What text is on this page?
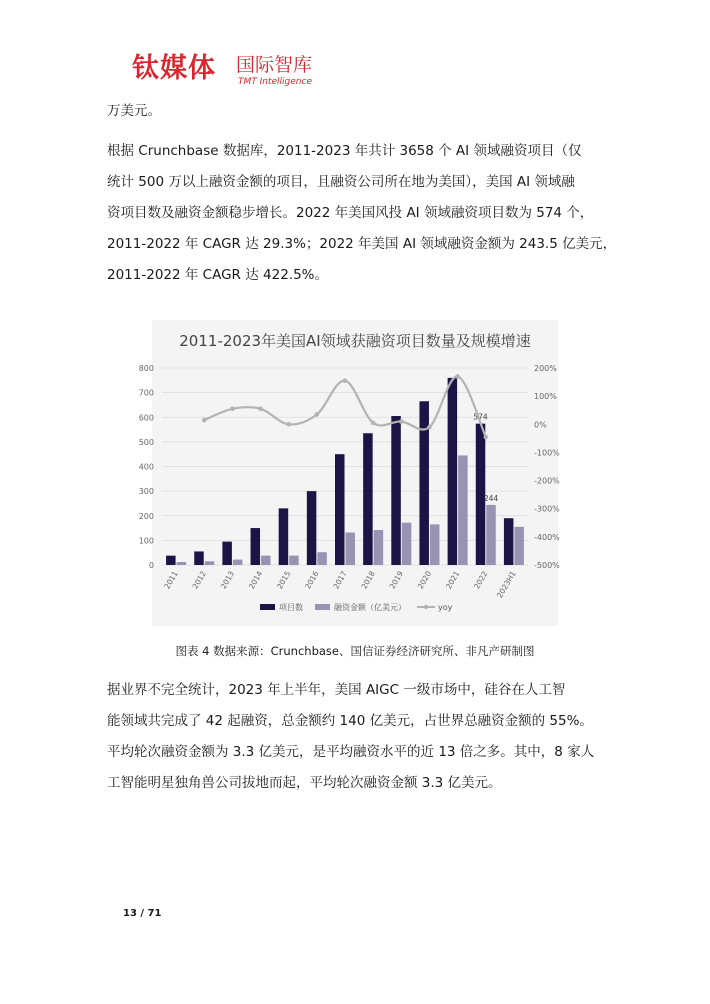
钛媒体 国际智库
TMT Intelligence
万美元。
根据 Crunchbase 数据库，2011-2023 年共计 3658 个 AI 领域融资项目（仅
统计 500 万以上融资金额的项目，且融资公司所在地为美国），美国 AI 领域融
资项目数及融资金额稳步增长。2022 年美国风投 AI 领域融资项目数为 574 个，
2011-2022 年 CAGR 达 29.3%；2022 年美国 AI 领域融资金额为 243.5 亿美元，
2011-2022 年 CAGR 达 422.5%。
2011-2023年美国AI领域获融资项目数量及规模增速
574
244
0
100
200
300
400
500
600
700
800	200%
100%
0%
-100%
-200%
-300%
-400%
-500%
2011 2012 2013 2014 2015 2016 2017 2018 2019 2020 2021 2022 2023H1
项目数	融资金额（亿美元）	yoy
图表 4 数据来源：Crunchbase、国信证券经济研究所、非凡产研制图
据业界不完全统计，2023 年上半年，美国 AIGC 一级市场中，硅谷在人工智
能领域共完成了 42 起融资，总金额约 140 亿美元，占世界总融资金额的 55%。
平均轮次融资金额为 3.3 亿美元，是平均融资水平的近 13 倍之多。其中，8 家人
工智能明星独角兽公司拔地而起，平均轮次融资金额 3.3 亿美元。
13 / 71
